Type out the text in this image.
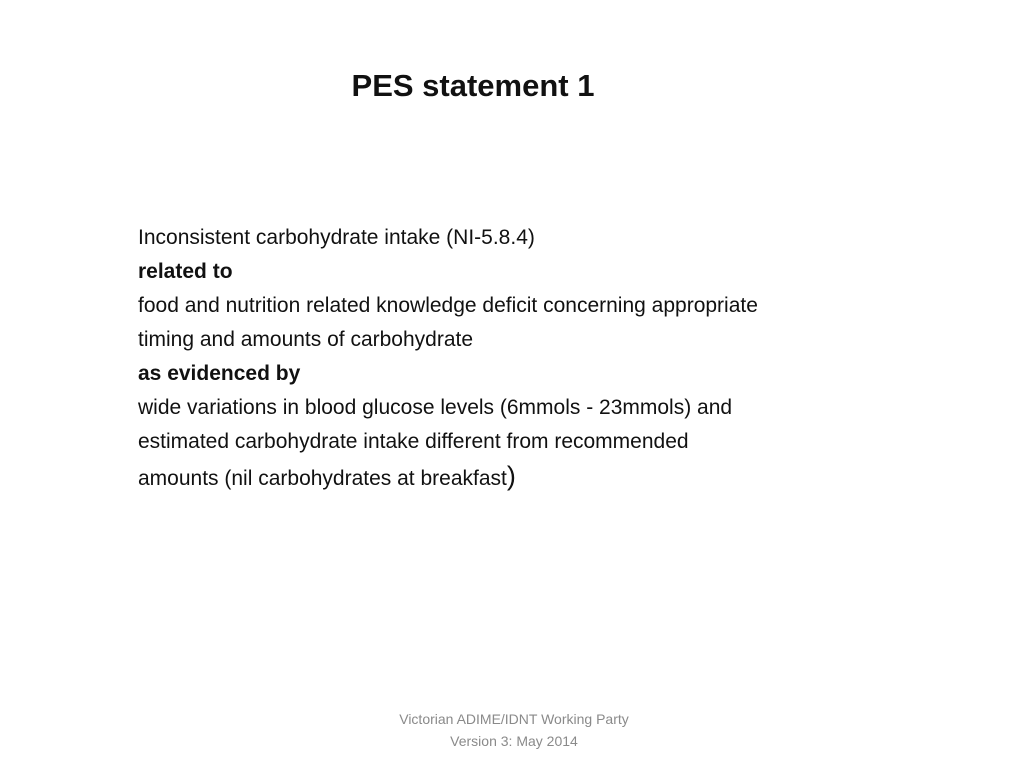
PES statement 1

Inconsistent carbohydrate intake (NI-5.8.4)

related to

food and nutrition related knowledge deficit concerning appropriate

timing and amounts of carbohydrate

as evidenced by

wide variations in blood glucose levels (6mmols - 23mmols) and

estimated carbohydrate intake different from recommended

amounts (nil carbohydrates at breakfast)

Victorian ADIME/IDNT Working Party

Version 3: May 2014
